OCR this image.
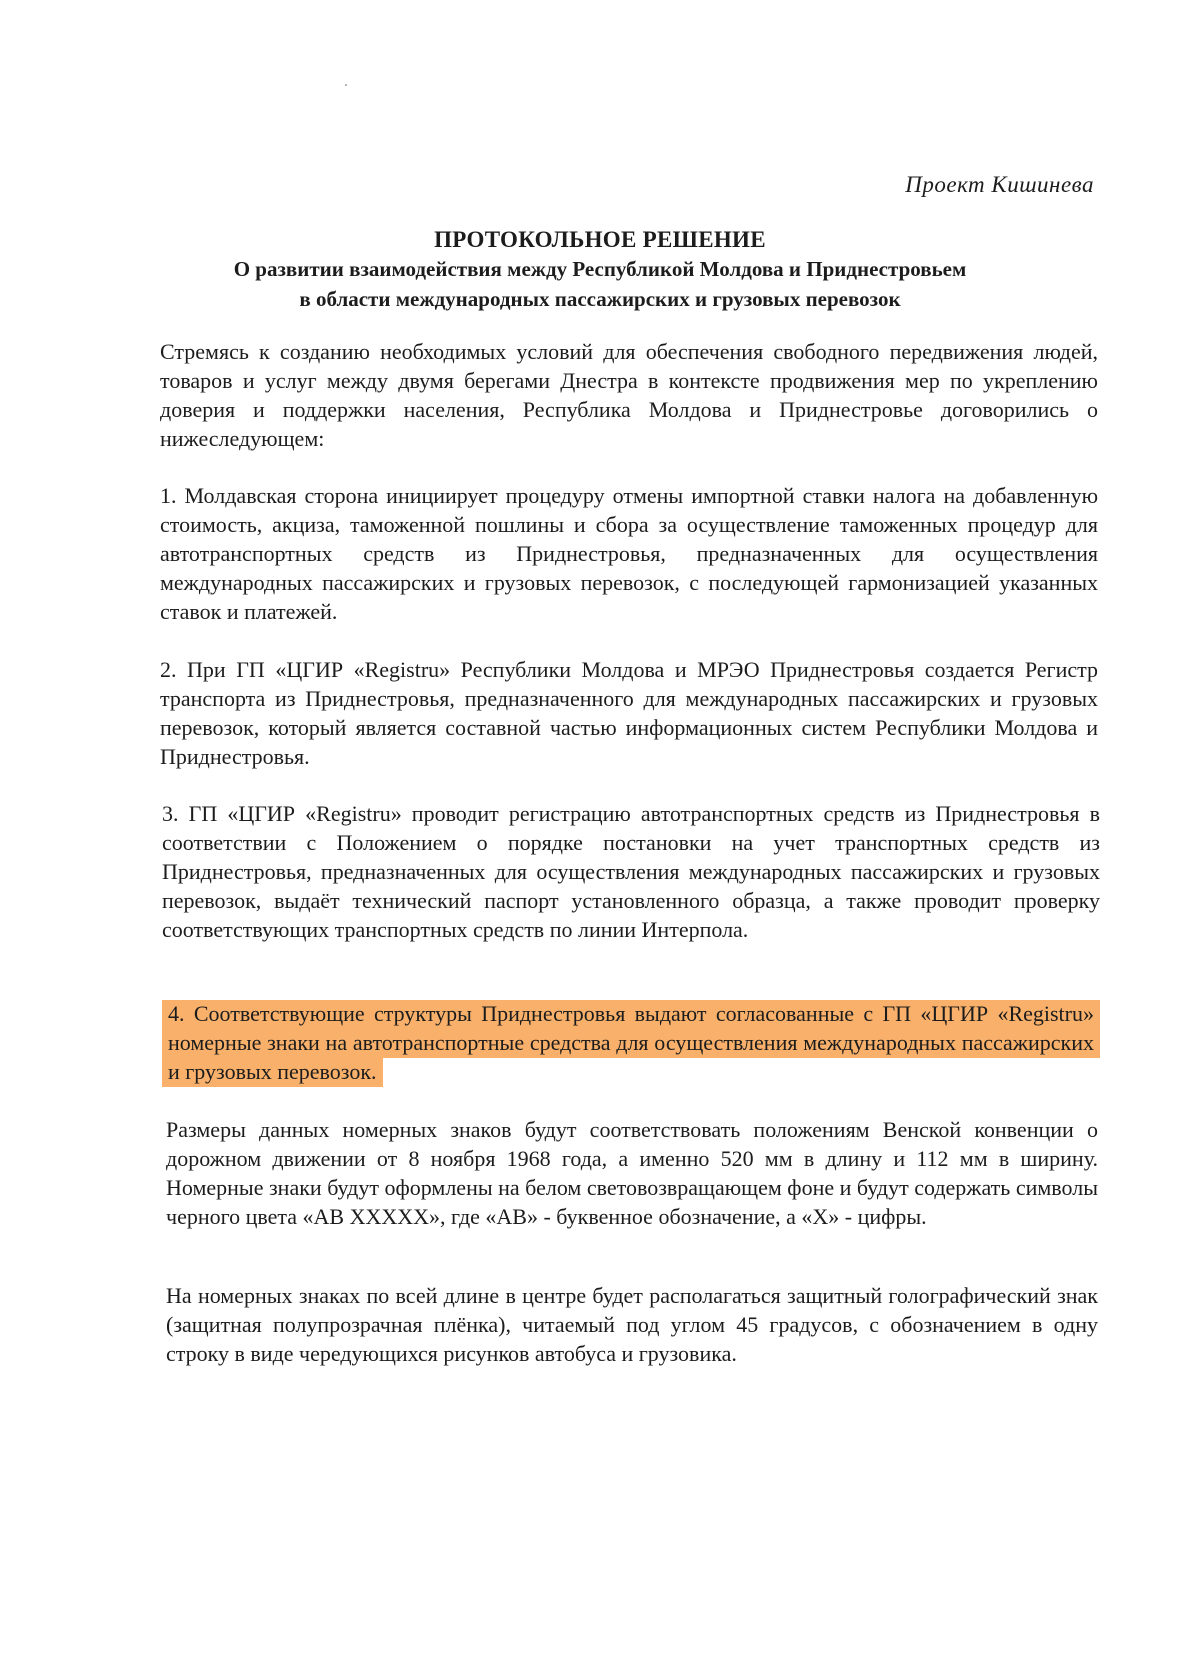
Проект Кишинева

ПРОТОКОЛЬНОЕ РЕШЕНИЕ
О развитии взаимодействия между Республикой Молдова и Приднестровьем
в области международных пассажирских и грузовых перевозок

Стремясь к созданию необходимых условий для обеспечения свободного передвижения людей, товаров и услуг между двумя берегами Днестра в контексте продвижения мер по укреплению доверия и поддержки населения, Республика Молдова и Приднестровье договорились о нижеследующем:

1. Молдавская сторона инициирует процедуру отмены импортной ставки налога на добавленную стоимость, акциза, таможенной пошлины и сбора за осуществление таможенных процедур для автотранспортных средств из Приднестровья, предназначенных для осуществления международных пассажирских и грузовых перевозок, с последующей гармонизацией указанных ставок и платежей.

2. При ГП «ЦГИР «Registru» Республики Молдова и МРЭО Приднестровья создается Регистр транспорта из Приднестровья, предназначенного для международных пассажирских и грузовых перевозок, который является составной частью информационных систем Республики Молдова и Приднестровья.

3. ГП «ЦГИР «Registru» проводит регистрацию автотранспортных средств из Приднестровья в соответствии с Положением о порядке постановки на учет транспортных средств из Приднестровья, предназначенных для осуществления международных пассажирских и грузовых перевозок, выдаёт технический паспорт установленного образца, а также проводит проверку соответствующих транспортных средств по линии Интерпола.

4. Соответствующие структуры Приднестровья выдают согласованные с ГП «ЦГИР «Registru» номерные знаки на автотранспортные средства для осуществления международных пассажирских и грузовых перевозок.

Размеры данных номерных знаков будут соответствовать положениям Венской конвенции о дорожном движении от 8 ноября 1968 года, а именно 520 мм в длину и 112 мм в ширину. Номерные знаки будут оформлены на белом световозвращающем фоне и будут содержать символы черного цвета «АВ XXXXX», где «АВ» - буквенное обозначение, а «Х» - цифры.

На номерных знаках по всей длине в центре будет располагаться защитный голографический знак (защитная полупрозрачная плёнка), читаемый под углом 45 градусов, с обозначением в одну строку в виде чередующихся рисунков автобуса и грузовика.
